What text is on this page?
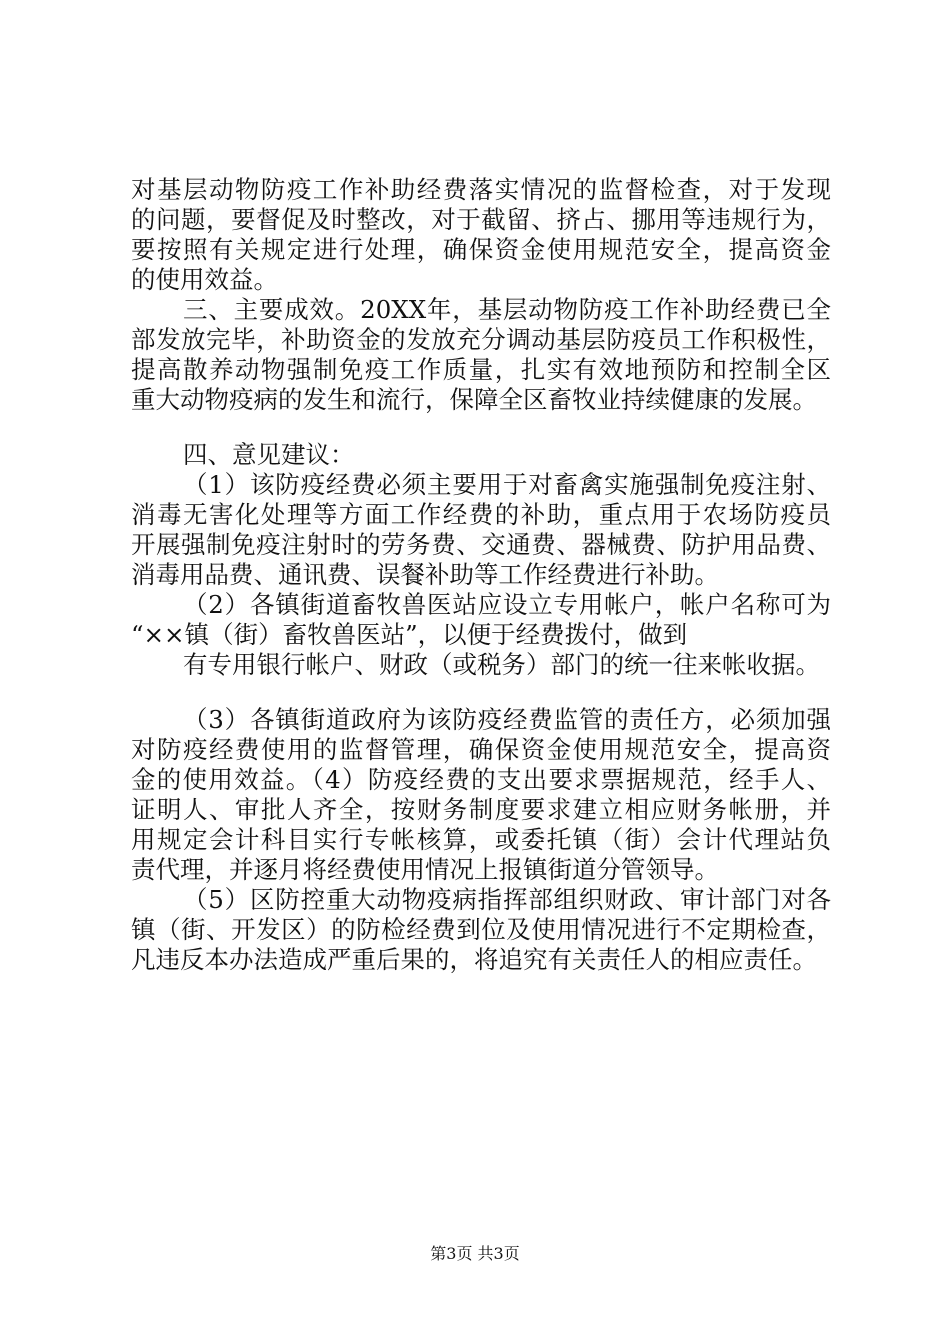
对基层动物防疫工作补助经费落实情况的监督检查，对于发现
的问题，要督促及时整改，对于截留、挤占、挪用等违规行为，
要按照有关规定进行处理，确保资金使用规范安全，提高资金
的使用效益。
三、主要成效。20XX年，基层动物防疫工作补助经费已全
部发放完毕，补助资金的发放充分调动基层防疫员工作积极性，
提高散养动物强制免疫工作质量，扎实有效地预防和控制全区
重大动物疫病的发生和流行，保障全区畜牧业持续健康的发展。
四、意见建议：
（1）该防疫经费必须主要用于对畜禽实施强制免疫注射、
消毒无害化处理等方面工作经费的补助，重点用于农场防疫员
开展强制免疫注射时的劳务费、交通费、器械费、防护用品费、
消毒用品费、通讯费、误餐补助等工作经费进行补助。
（2）各镇街道畜牧兽医站应设立专用帐户，帐户名称可为
“××镇（街）畜牧兽医站”，以便于经费拨付，做到
有专用银行帐户、财政（或税务）部门的统一往来帐收据。
（3）各镇街道政府为该防疫经费监管的责任方，必须加强
对防疫经费使用的监督管理，确保资金使用规范安全，提高资
金的使用效益。（4）防疫经费的支出要求票据规范，经手人、
证明人、审批人齐全，按财务制度要求建立相应财务帐册，并
用规定会计科目实行专帐核算，或委托镇（街）会计代理站负
责代理，并逐月将经费使用情况上报镇街道分管领导。
（5）区防控重大动物疫病指挥部组织财政、审计部门对各
镇（街、开发区）的防检经费到位及使用情况进行不定期检查，
凡违反本办法造成严重后果的，将追究有关责任人的相应责任。
第3页 共3页
